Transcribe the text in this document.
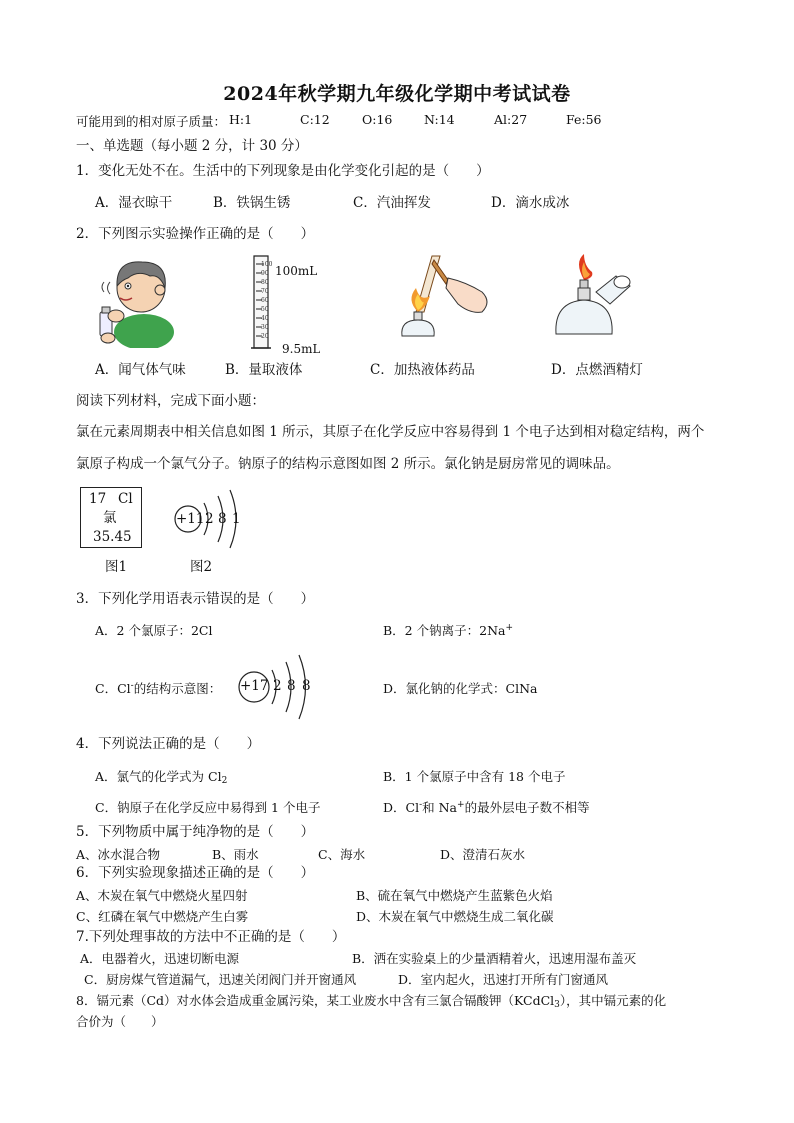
2024年秋学期九年级化学期中考试试卷
可能用到的相对原子质量： H:1	C:12	O:16	N:14	Al:27	Fe:56
一、单选题（每小题 2 分，计 30 分）
1．变化无处不在。生活中的下列现象是由化学变化引起的是（　　）
A．湿衣晾干	B．铁锅生锈	C．汽油挥发	D．滴水成冰
2．下列图示实验操作正确的是（　　）
100
90
80
70
60
50
40
30
20
100mL
9.5mL
A．闻气体气味	B．量取液体	C．加热液体药品	D．点燃酒精灯
阅读下列材料，完成下面小题：
氯在元素周期表中相关信息如图 1 所示，其原子在化学反应中容易得到 1 个电子达到相对稳定结构，两个
氯原子构成一个氯气分子。钠原子的结构示意图如图 2 所示。氯化钠是厨房常见的调味品。
17 Cl
氯
35.45
图1
+11 2 8 1
图2
3．下列化学用语表示错误的是（　　）
A．2 个氯原子：2Cl	B．2 个钠离子：2Na+
C．Cl-的结构示意图： +17 2 8 8	D．氯化钠的化学式：ClNa
4．下列说法正确的是（　　）
A．氯气的化学式为 $Cl_2$	B．1 个氯原子中含有 18 个电子
C．钠原子在化学反应中易得到 1 个电子	D．Cl-和 Na+的最外层电子数不相等
5．下列物质中属于纯净物的是（　　）
A、冰水混合物	B、雨水	C、海水	D、澄清石灰水
6．下列实验现象描述正确的是（　　）
A、木炭在氧气中燃烧火星四射	B、硫在氧气中燃烧产生蓝紫色火焰
C、红磷在氧气中燃烧产生白雾	D、木炭在氧气中燃烧生成二氧化碳
7.下列处理事故的方法中不正确的是（　　）
A．电器着火，迅速切断电源	B．洒在实验桌上的少量酒精着火，迅速用湿布盖灭
C．厨房煤气管道漏气，迅速关闭阀门并开窗通风	D．室内起火，迅速打开所有门窗通风
8．镉元素（Cd）对水体会造成重金属污染，某工业废水中含有三氯合镉酸钾（KCdCl$_3$），其中镉元素的化
合价为（　　）
